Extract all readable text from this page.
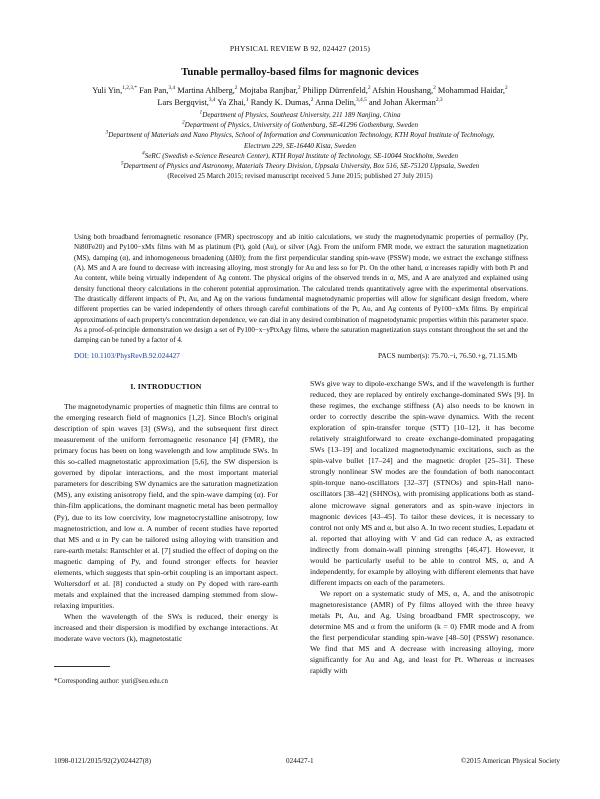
PHYSICAL REVIEW B 92, 024427 (2015)
Tunable permalloy-based films for magnonic devices
Yuli Yin,$^{1,2,3,*}$ Fan Pan,$^{3,4}$ Martina Ahlberg,$^2$ Mojtaba Ranjbar,$^2$ Philipp Dürrenfeld,$^2$ Afshin Houshang,$^2$ Mohammad Haidar,$^2$
Lars Bergqvist,$^{3,4}$ Ya Zhai,$^1$ Randy K. Dumas,$^2$ Anna Delin,$^{3,4,5}$ and Johan Åkerman$^{2,3}$
$^1$Department of Physics, Southeast University, 211 189 Nanjing, China
$^2$Department of Physics, University of Gothenburg, SE-41296 Gothenburg, Sweden
$^3$Department of Materials and Nano Physics, School of Information and Communication Technology, KTH Royal Institute of Technology,
Electrum 229, SE-16440 Kista, Sweden
$^4$SeRC (Swedish e-Science Research Center), KTH Royal Institute of Technology, SE-10044 Stockholm, Sweden
$^5$Department of Physics and Astronomy, Materials Theory Division, Uppsala University, Box 516, SE-75120 Uppsala, Sweden
(Received 25 March 2015; revised manuscript received 5 June 2015; published 27 July 2015)
Using both broadband ferromagnetic resonance (FMR) spectroscopy and ab initio calculations, we study the magnetodynamic properties of permalloy (Py, Ni80Fe20) and Py100−xMx films with M as platinum (Pt), gold (Au), or silver (Ag). From the uniform FMR mode, we extract the saturation magnetization (MS), damping (α), and inhomogeneous broadening (ΔH0); from the first perpendicular standing spin-wave (PSSW) mode, we extract the exchange stiffness (A). MS and A are found to decrease with increasing alloying, most strongly for Au and less so for Pt. On the other hand, α increases rapidly with both Pt and Au content, while being virtually independent of Ag content. The physical origins of the observed trends in α, MS, and A are analyzed and explained using density functional theory calculations in the coherent potential approximation. The calculated trends quantitatively agree with the experimental observations. The drastically different impacts of Pt, Au, and Ag on the various fundamental magnetodynamic properties will allow for significant design freedom, where different properties can be varied independently of others through careful combinations of the Pt, Au, and Ag contents of Py100−xMx films. By empirical approximations of each property's concentration dependence, we can dial in any desired combination of magnetodynamic properties within this parameter space. As a proof-of-principle demonstration we design a set of Py100−x−yPtxAgy films, where the saturation magnetization stays constant throughout the set and the damping can be tuned by a factor of 4.
DOI: 10.1103/PhysRevB.92.024427	PACS number(s): 75.70.−i, 76.50.+g, 71.15.Mb
I. INTRODUCTION

The magnetodynamic properties of magnetic thin films are central to the emerging research field of magnonics [1,2]. Since Bloch's original description of spin waves [3] (SWs), and the subsequent first direct measurement of the uniform ferromagnetic resonance [4] (FMR), the primary focus has been on long wavelength and low amplitude SWs. In this so-called magnetostatic approximation [5,6], the SW dispersion is governed by dipolar interactions, and the most important material parameters for describing SW dynamics are the saturation magnetization (MS), any existing anisotropy field, and the spin-wave damping (α). For thin-film applications, the dominant magnetic metal has been permalloy (Py), due to its low coercivity, low magnetocrystalline anisotropy, low magnetostriction, and low α. A number of recent studies have reported that MS and α in Py can be tailored using alloying with transition and rare-earth metals: Rantschler et al. [7] studied the effect of doping on the magnetic damping of Py, and found stronger effects for heavier elements, which suggests that spin-orbit coupling is an important aspect. Woltersdorf et al. [8] conducted a study on Py doped with rare-earth metals and explained that the increased damping stemmed from slow-relaxing impurities.

When the wavelength of the SWs is reduced, their energy is increased and their dispersion is modified by exchange interactions. At moderate wave vectors (k), magnetostatic

SWs give way to dipole-exchange SWs, and if the wavelength is further reduced, they are replaced by entirely exchange-dominated SWs [9]. In these regimes, the exchange stiffness (A) also needs to be known in order to correctly describe the spin-wave dynamics. With the recent exploration of spin-transfer torque (STT) [10–12], it has become relatively straightforward to create exchange-dominated propagating SWs [13–19] and localized magnetodynamic excitations, such as the spin-valve bullet [17–24] and the magnetic droplet [25–31]. These strongly nonlinear SW modes are the foundation of both nanocontact spin-torque nano-oscillators [32–37] (STNOs) and spin-Hall nano-oscillators [38–42] (SHNOs), with promising applications both as stand-alone microwave signal generators and as spin-wave injectors in magnonic devices [43–45]. To tailor these devices, it is necessary to control not only MS and α, but also A. In two recent studies, Lepadatu et al. reported that alloying with V and Gd can reduce A, as extracted indirectly from domain-wall pinning strengths [46,47]. However, it would be particularly useful to be able to control MS, α, and A independently, for example by alloying with different elements that have different impacts on each of the parameters.

We report on a systematic study of MS, α, A, and the anisotropic magnetoresistance (AMR) of Py films alloyed with the three heavy metals Pt, Au, and Ag. Using broadband FMR spectroscopy, we determine MS and α from the uniform (k = 0) FMR mode and A from the first perpendicular standing spin-wave [48–50] (PSSW) resonance. We find that MS and A decrease with increasing alloying, more significantly for Au and Ag, and least for Pt. Whereas α increases rapidly with

*Corresponding author: yuri@seu.edu.cn
1098-0121/2015/92(2)/024427(8)	024427-1	©2015 American Physical Society
